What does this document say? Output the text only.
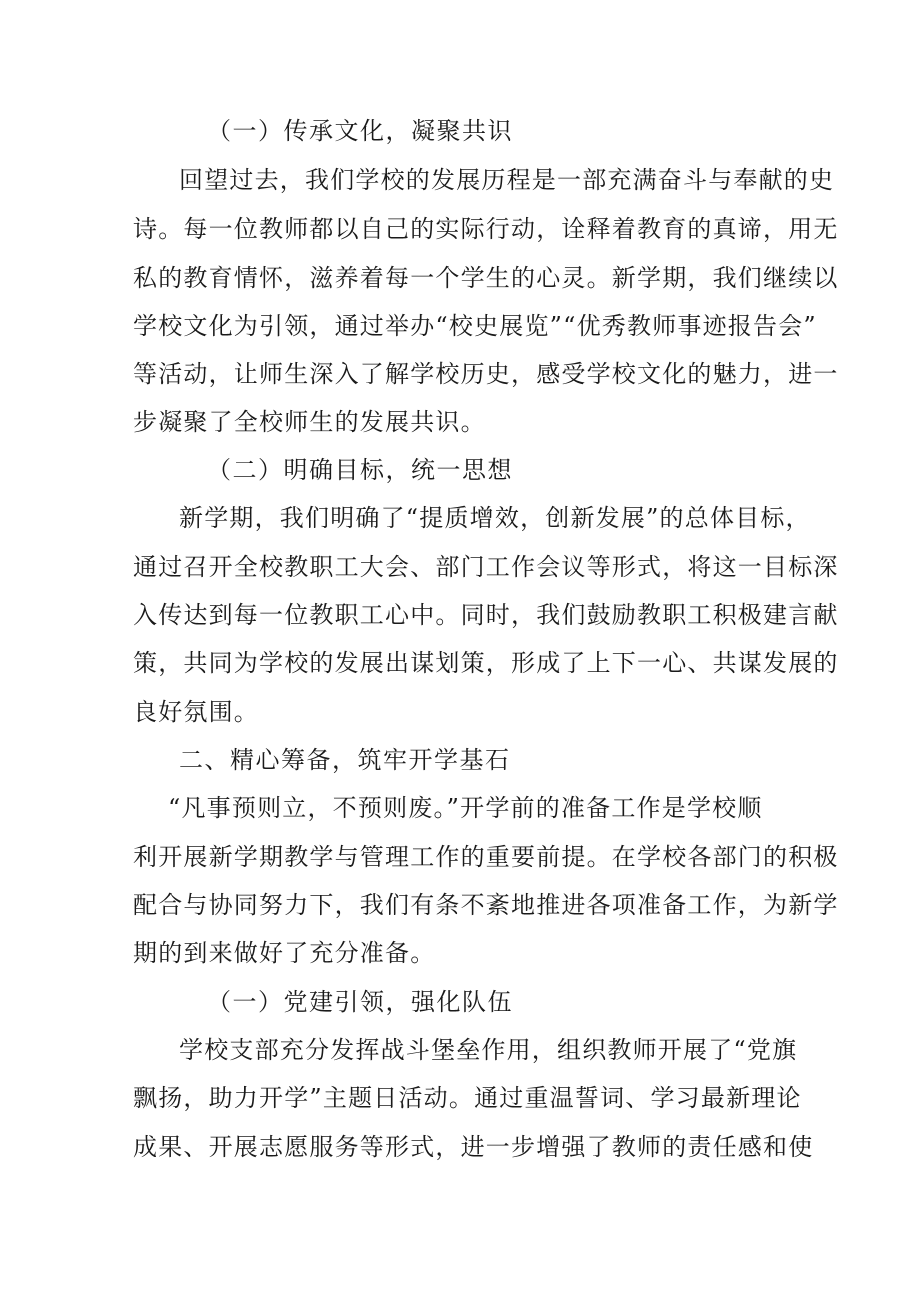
（一）传承文化，凝聚共识
回望过去，我们学校的发展历程是一部充满奋斗与奉献的史
诗。每一位教师都以自己的实际行动，诠释着教育的真谛，用无
私的教育情怀，滋养着每一个学生的心灵。新学期，我们继续以
学校文化为引领，通过举办“校史展览”“优秀教师事迹报告会”
等活动，让师生深入了解学校历史，感受学校文化的魅力，进一
步凝聚了全校师生的发展共识。
（二）明确目标，统一思想
新学期，我们明确了“提质增效，创新发展”的总体目标，
通过召开全校教职工大会、部门工作会议等形式，将这一目标深
入传达到每一位教职工心中。同时，我们鼓励教职工积极建言献
策，共同为学校的发展出谋划策，形成了上下一心、共谋发展的
良好氛围。
二、精心筹备，筑牢开学基石
“凡事预则立，不预则废。”开学前的准备工作是学校顺
利开展新学期教学与管理工作的重要前提。在学校各部门的积极
配合与协同努力下，我们有条不紊地推进各项准备工作，为新学
期的到来做好了充分准备。
（一）党建引领，强化队伍
学校支部充分发挥战斗堡垒作用，组织教师开展了“党旗
飘扬，助力开学”主题日活动。通过重温誓词、学习最新理论
成果、开展志愿服务等形式，进一步增强了教师的责任感和使
